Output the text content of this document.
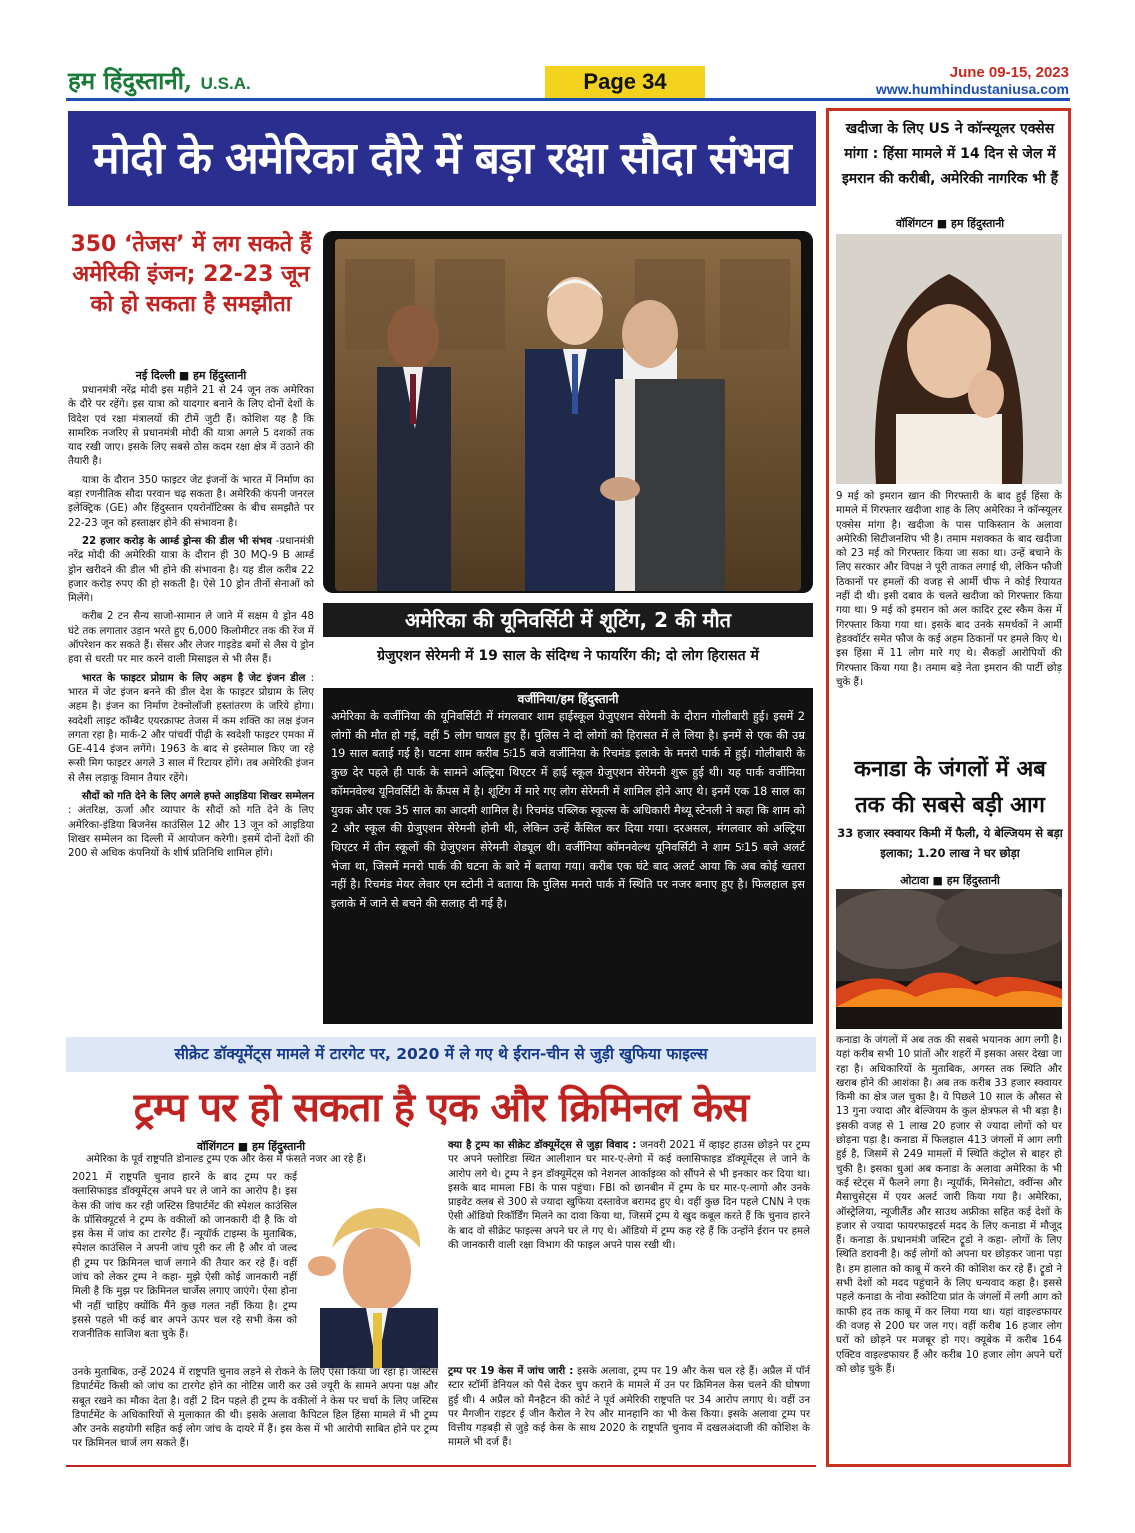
हम हिंदुस्तानी, U.S.A.	Page 34	June 09-15, 2023
www.humhindustaniusa.com
मोदी के अमेरिका दौरे में बड़ा रक्षा सौदा संभव
350 ‘तेजस’ में लग सकते हैं अमेरिकी इंजन; 22-23 जून को हो सकता है समझौता
नई दिल्ली ■ हम हिंदुस्तानी

प्रधानमंत्री नरेंद्र मोदी इस महीने 21 से 24 जून तक अमेरिका के दौरे पर रहेंगे। इस यात्रा को यादगार बनाने के लिए दोनों देशों के विदेश एवं रक्षा मंत्रालयों की टीमें जुटी हैं। कोशिश यह है कि सामरिक नजरिए से प्रधानमंत्री मोदी की यात्रा अगले 5 दशकों तक याद रखी जाए। इसके लिए सबसे ठोस कदम रक्षा क्षेत्र में उठाने की तैयारी है।

यात्रा के दौरान 350 फाइटर जेट इंजनों के भारत में निर्माण का बड़ा रणनीतिक सौदा परवान चढ़ सकता है। अमेरिकी कंपनी जनरल इलेक्ट्रिक (GE) और हिंदुस्तान एयरोनॉटिक्स के बीच समझौते पर 22-23 जून को हस्ताक्षर होने की संभावना है।

22 हजार करोड़ के आर्म्ड ड्रोन्स की डील भी संभव -प्रधानमंत्री नरेंद्र मोदी की अमेरिकी यात्रा के दौरान ही 30 MQ-9 B आर्म्ड ड्रोन खरीदने की डील भी होने की संभावना है। यह डील करीब 22 हजार करोड़ रुपए की हो सकती है। ऐसे 10 ड्रोन तीनों सेनाओं को मिलेंगे।

करीब 2 टन सैन्य साजो-सामान ले जाने में सक्षम ये ड्रोन 48 घंटे तक लगातार उड़ान भरते हुए 6,000 किलोमीटर तक की रेंज में ऑपरेशन कर सकते हैं। सेंसर और लेजर गाइडेड बमों से लैस ये ड्रोन हवा से धरती पर मार करने वाली मिसाइल से भी लैस हैं।

भारत के फाइटर प्रोग्राम के लिए अहम है जेट इंजन डील : भारत में जेट इंजन बनने की डील देश के फाइटर प्रोग्राम के लिए अहम है। इंजन का निर्माण टेक्नोलॉजी हस्तांतरण के जरिये होगा। स्वदेशी लाइट कॉम्बैट एयरक्राफ्ट तेजस में कम शक्ति का लक्ष इंजन लगता रहा है। मार्क-2 और पांचवीं पीढ़ी के स्वदेशी फाइटर एमका में GE-414 इंजन लगेंगे। 1963 के बाद से इस्तेमाल किए जा रहे रूसी मिग फाइटर अगले 3 साल में रिटायर होंगे। तब अमेरिकी इंजन से लैस लड़ाकू विमान तैयार रहेंगे।

सौदों को गति देने के लिए अगले हफ्ते आइडिया शिखर सम्मेलन : अंतरिक्ष, ऊर्जा और व्यापार के सौदों को गति देने के लिए अमेरिका-इंडिया बिजनेस काउंसिल 12 और 13 जून को आइडिया शिखर सम्मेलन का दिल्ली में आयोजन करेगी। इसमें दोनों देशों की 200 से अधिक कंपनियों के शीर्ष प्रतिनिधि शामिल होंगे।

अमेरिका की यूनिवर्सिटी में शूटिंग, 2 की मौत
ग्रेजुएशन सेरेमनी में 19 साल के संदिग्ध ने फायरिंग की; दो लोग हिरासत में
वर्जीनिया/हम हिंदुस्तानी
अमेरिका के वर्जीनिया की यूनिवर्सिटी में मंगलवार शाम हाईस्कूल ग्रेजुएशन सेरेमनी के दौरान गोलीबारी हुई। इसमें 2 लोगों की मौत हो गई, वहीं 5 लोग घायल हुए हैं। पुलिस ने दो लोगों को हिरासत में ले लिया है। इनमें से एक की उम्र 19 साल बताई गई है। घटना शाम करीब 5ः15 बजे वर्जीनिया के रिचमंड इलाके के मनरो पार्क में हुई। गोलीबारी के कुछ देर पहले ही पार्क के सामने अल्ट्रिया थिएटर में हाई स्कूल ग्रेजुएशन सेरेमनी शुरू हुई थी। यह पार्क वर्जीनिया कॉमनवेल्थ यूनिवर्सिटी के कैंपस में है। शूटिंग में मारे गए लोग सेरेमनी में शामिल होने आए थे। इनमें एक 18 साल का युवक और एक 35 साल का आदमी शामिल है। रिचमंड पब्लिक स्कूल्स के अधिकारी मैथ्यू स्टेनली ने कहा कि शाम को 2 और स्कूल की ग्रेजुएशन सेरेमनी होनी थी, लेकिन उन्हें कैंसिल कर दिया गया। दरअसल, मंगलवार को अल्ट्रिया थिएटर में तीन स्कूलों की ग्रेजुएशन सेरेमनी शेड्यूल थी। वर्जीनिया कॉमनवेल्थ यूनिवर्सिटी ने शाम 5ः15 बजे अलर्ट भेजा था, जिसमें मनरो पार्क की घटना के बारे में बताया गया। करीब एक घंटे बाद अलर्ट आया कि अब कोई खतरा नहीं है। रिचमंड मेयर लेवार एम स्टोनी ने बताया कि पुलिस मनरो पार्क में स्थिति पर नजर बनाए हुए है। फिलहाल इस इलाके में जाने से बचने की सलाह दी गई है।
खदीजा के लिए US ने कॉन्स्यूलर एक्सेस मांगा : हिंसा मामले में 14 दिन से जेल में इमरान की करीबी, अमेरिकी नागरिक भी हैं
वॉशिंगटन ■ हम हिंदुस्तानी
9 मई को इमरान खान की गिरफ्तारी के बाद हुई हिंसा के मामले में गिरफ्तार खदीजा शाह के लिए अमेरिका ने कॉन्स्यूलर एक्सेस मांगा है। खदीजा के पास पाकिस्तान के अलावा अमेरिकी सिटीजनशिप भी है। तमाम मशक्कत के बाद खदीजा को 23 मई को गिरफ्तार किया जा सका था। उन्हें बचाने के लिए सरकार और विपक्ष ने पूरी ताकत लगाई थी, लेकिन फौजी ठिकानों पर हमलों की वजह से आर्मी चीफ ने कोई रियायत नहीं दी थी। इसी दबाव के चलते खदीजा को गिरफ्तार किया गया था। 9 मई को इमरान को अल कादिर ट्रस्ट स्कैम केस में गिरफ्तार किया गया था। इसके बाद उनके समर्थकों ने आर्मी हेडक्वॉर्टर समेत फौज के कई अहम ठिकानों पर हमले किए थे। इस हिंसा में 11 लोग मारे गए थे। सैकड़ों आरोपियों की गिरफ्तार किया गया है। तमाम बड़े नेता इमरान की पार्टी छोड़ चुके हैं।
कनाडा के जंगलों में अब तक की सबसे बड़ी आग
33 हजार स्क्वायर किमी में फैली, ये बेल्जियम से बड़ा इलाका; 1.20 लाख ने घर छोड़ा
ओटावा ■ हम हिंदुस्तानी
कनाडा के जंगलों में अब तक की सबसे भयानक आग लगी है। यहां करीब सभी 10 प्रांतों और शहरों में इसका असर देखा जा रहा है। अधिकारियों के मुताबिक, अगस्त तक स्थिति और खराब होने की आशंका है। अब तक करीब 33 हजार स्क्वायर किमी का क्षेत्र जल चुका है। ये पिछले 10 साल के औसत से 13 गुना ज्यादा और बेल्जियम के कुल क्षेत्रफल से भी बड़ा है। इसकी वजह से 1 लाख 20 हजार से ज्यादा लोगों को घर छोड़ना पड़ा है। कनाडा में फिलहाल 413 जंगलों में आग लगी हुई है, जिसमें से 249 मामलों में स्थिति कंट्रोल से बाहर हो चुकी है। इसका धुआं अब कनाडा के अलावा अमेरिका के भी कई स्टेट्स में फैलने लगा है। न्यूयॉर्क, मिनेसोटा, क्वींन्स और मैसाचुसेट्स में एयर अलर्ट जारी किया गया है। अमेरिका, ऑस्ट्रेलिया, न्यूजीलैंड और साउथ अफ्रीका सहित कई देशों के हजार से ज्यादा फायरफाइटर्स मदद के लिए कनाडा में मौजूद हैं। कनाडा के प्रधानमंत्री जस्टिन ट्रूडो ने कहा- लोगों के लिए स्थिति डरावनी है। कई लोगों को अपना घर छोड़कर जाना पड़ा है। हम हालात को काबू में करने की कोशिश कर रहे हैं। ट्रूडो ने सभी देशों को मदद पहुंचाने के लिए धन्यवाद कहा है। इससे पहले कनाडा के नोवा स्कोटिया प्रांत के जंगलों में लगी आग को काफी हद तक काबू में कर लिया गया था। यहां वाइल्डफायर की वजह से 200 घर जल गए। वहीं करीब 16 हजार लोग घरों को छोड़ने पर मजबूर हो गए। क्यूबेक में करीब 164 एक्टिव वाइल्डफायर हैं और करीब 10 हजार लोग अपने घरों को छोड़ चुके हैं।
सीक्रेट डॉक्यूमेंट्स मामले में टारगेट पर, 2020 में ले गए थे ईरान-चीन से जुड़ी खुफिया फाइल्स
ट्रम्प पर हो सकता है एक और क्रिमिनल केस
वॉशिंगटन ■ हम हिंदुस्तानी
अमेरिका के पूर्व राष्ट्रपति डोनाल्ड ट्रम्प एक और केस में फंसते नजर आ रहे हैं।
2021 में राष्ट्रपति चुनाव हारने के बाद ट्रम्प पर कई क्लासिफाइड डॉक्यूमेंट्स अपने घर ले जाने का आरोप है। इस केस की जांच कर रही जस्टिस डिपार्टमेंट की स्पेशल काउंसिल के प्रॉसिक्यूटर्स ने ट्रम्प के वकीलों को जानकारी दी है कि वो इस केस में जांच का टारगेट हैं। न्यूयॉर्क टाइम्स के मुताबिक, स्पेशल काउंसिल ने अपनी जांच पूरी कर ली है और वो जल्द ही ट्रम्प पर क्रिमिनल चार्ज लगाने की तैयार कर रहे हैं। वहीं जांच को लेकर ट्रम्प ने कहा- मुझे ऐसी कोई जानकारी नहीं मिली है कि मुझ पर क्रिमिनल चार्जेस लगाए जाएंगे। ऐसा होना भी नहीं चाहिए क्योंकि मैंने कुछ गलत नहीं किया है। ट्रम्प इससे पहले भी कई बार अपने ऊपर चल रहे सभी केस को राजनीतिक साजिश बता चुके हैं।
उनके मुताबिक, उन्हें 2024 में राष्ट्रपति चुनाव लड़ने से रोकने के लिए ऐसा किया जा रहा है। जस्टिस डिपार्टमेंट किसी को जांच का टारगेट होने का नोटिस जारी कर उसे ज्यूरी के सामने अपना पक्ष और सबूत रखने का मौका देता है। वहीं 2 दिन पहले ही ट्रम्प के वकीलों ने केस पर चर्चा के लिए जस्टिस डिपार्टमेंट के अधिकारियों से मुलाकात की थी। इसके अलावा कैपिटल हिल हिंसा मामले में भी ट्रम्प और उनके सहयोगी सहित कई लोग जांच के दायरे में हैं। इस केस में भी आरोपी साबित होने पर ट्रम्प पर क्रिमिनल चार्ज लग सकते हैं।
क्या है ट्रम्प का सीक्रेट डॉक्यूमेंट्स से जुड़ा विवाद : जनवरी 2021 में व्हाइट हाउस छोड़ने पर ट्रम्प पर अपने फ्लोरिडा स्थित आलीशान घर मार-ए-लेगो में कई क्लासिफाइड डॉक्यूमेंट्स ले जाने के आरोप लगे थे। ट्रम्प ने इन डॉक्यूमेंट्स को नेशनल आर्काइव्स को सौंपने से भी इनकार कर दिया था। इसके बाद मामला FBI के पास पहुंचा। FBI को छानबीन में ट्रम्प के घर मार-ए-लागो और उनके प्राइवेट क्लब से 300 से ज्यादा खुफिया दस्तावेज बरामद हुए थे। वहीं कुछ दिन पहले CNN ने एक ऐसी ऑडियो रिकॉर्डिंग मिलने का दावा किया था, जिसमें ट्रम्प ये खुद कबूल करते हैं कि चुनाव हारने के बाद वो सीक्रेट फाइल्स अपने घर ले गए थे। ऑडियो में ट्रम्प कह रहे हैं कि उन्होंने ईरान पर हमले की जानकारी वाली रक्षा विभाग की फाइल अपने पास रखी थी।
ट्रम्प पर 19 केस में जांच जारी : इसके अलावा, ट्रम्प पर 19 और केस चल रहे हैं। अप्रैल में पॉर्न स्टार स्टॉर्मी डेनियल को पैसे देकर चुप कराने के मामले में उन पर क्रिमिनल केस चलने की घोषणा हुई थी। 4 अप्रैल को मैनहैटन की कोर्ट ने पूर्व अमेरिकी राष्ट्रपति पर 34 आरोप लगाए थे। वहीं उन पर मैगजीन राइटर ई जीन कैरोल ने रेप और मानहानि का भी केस किया। इसके अलावा ट्रम्प पर वित्तीय गड़बड़ी से जुड़े कई केस के साथ 2020 के राष्ट्रपति चुनाव में दखलअंदाजी की कोशिश के मामले भी दर्ज हैं।
